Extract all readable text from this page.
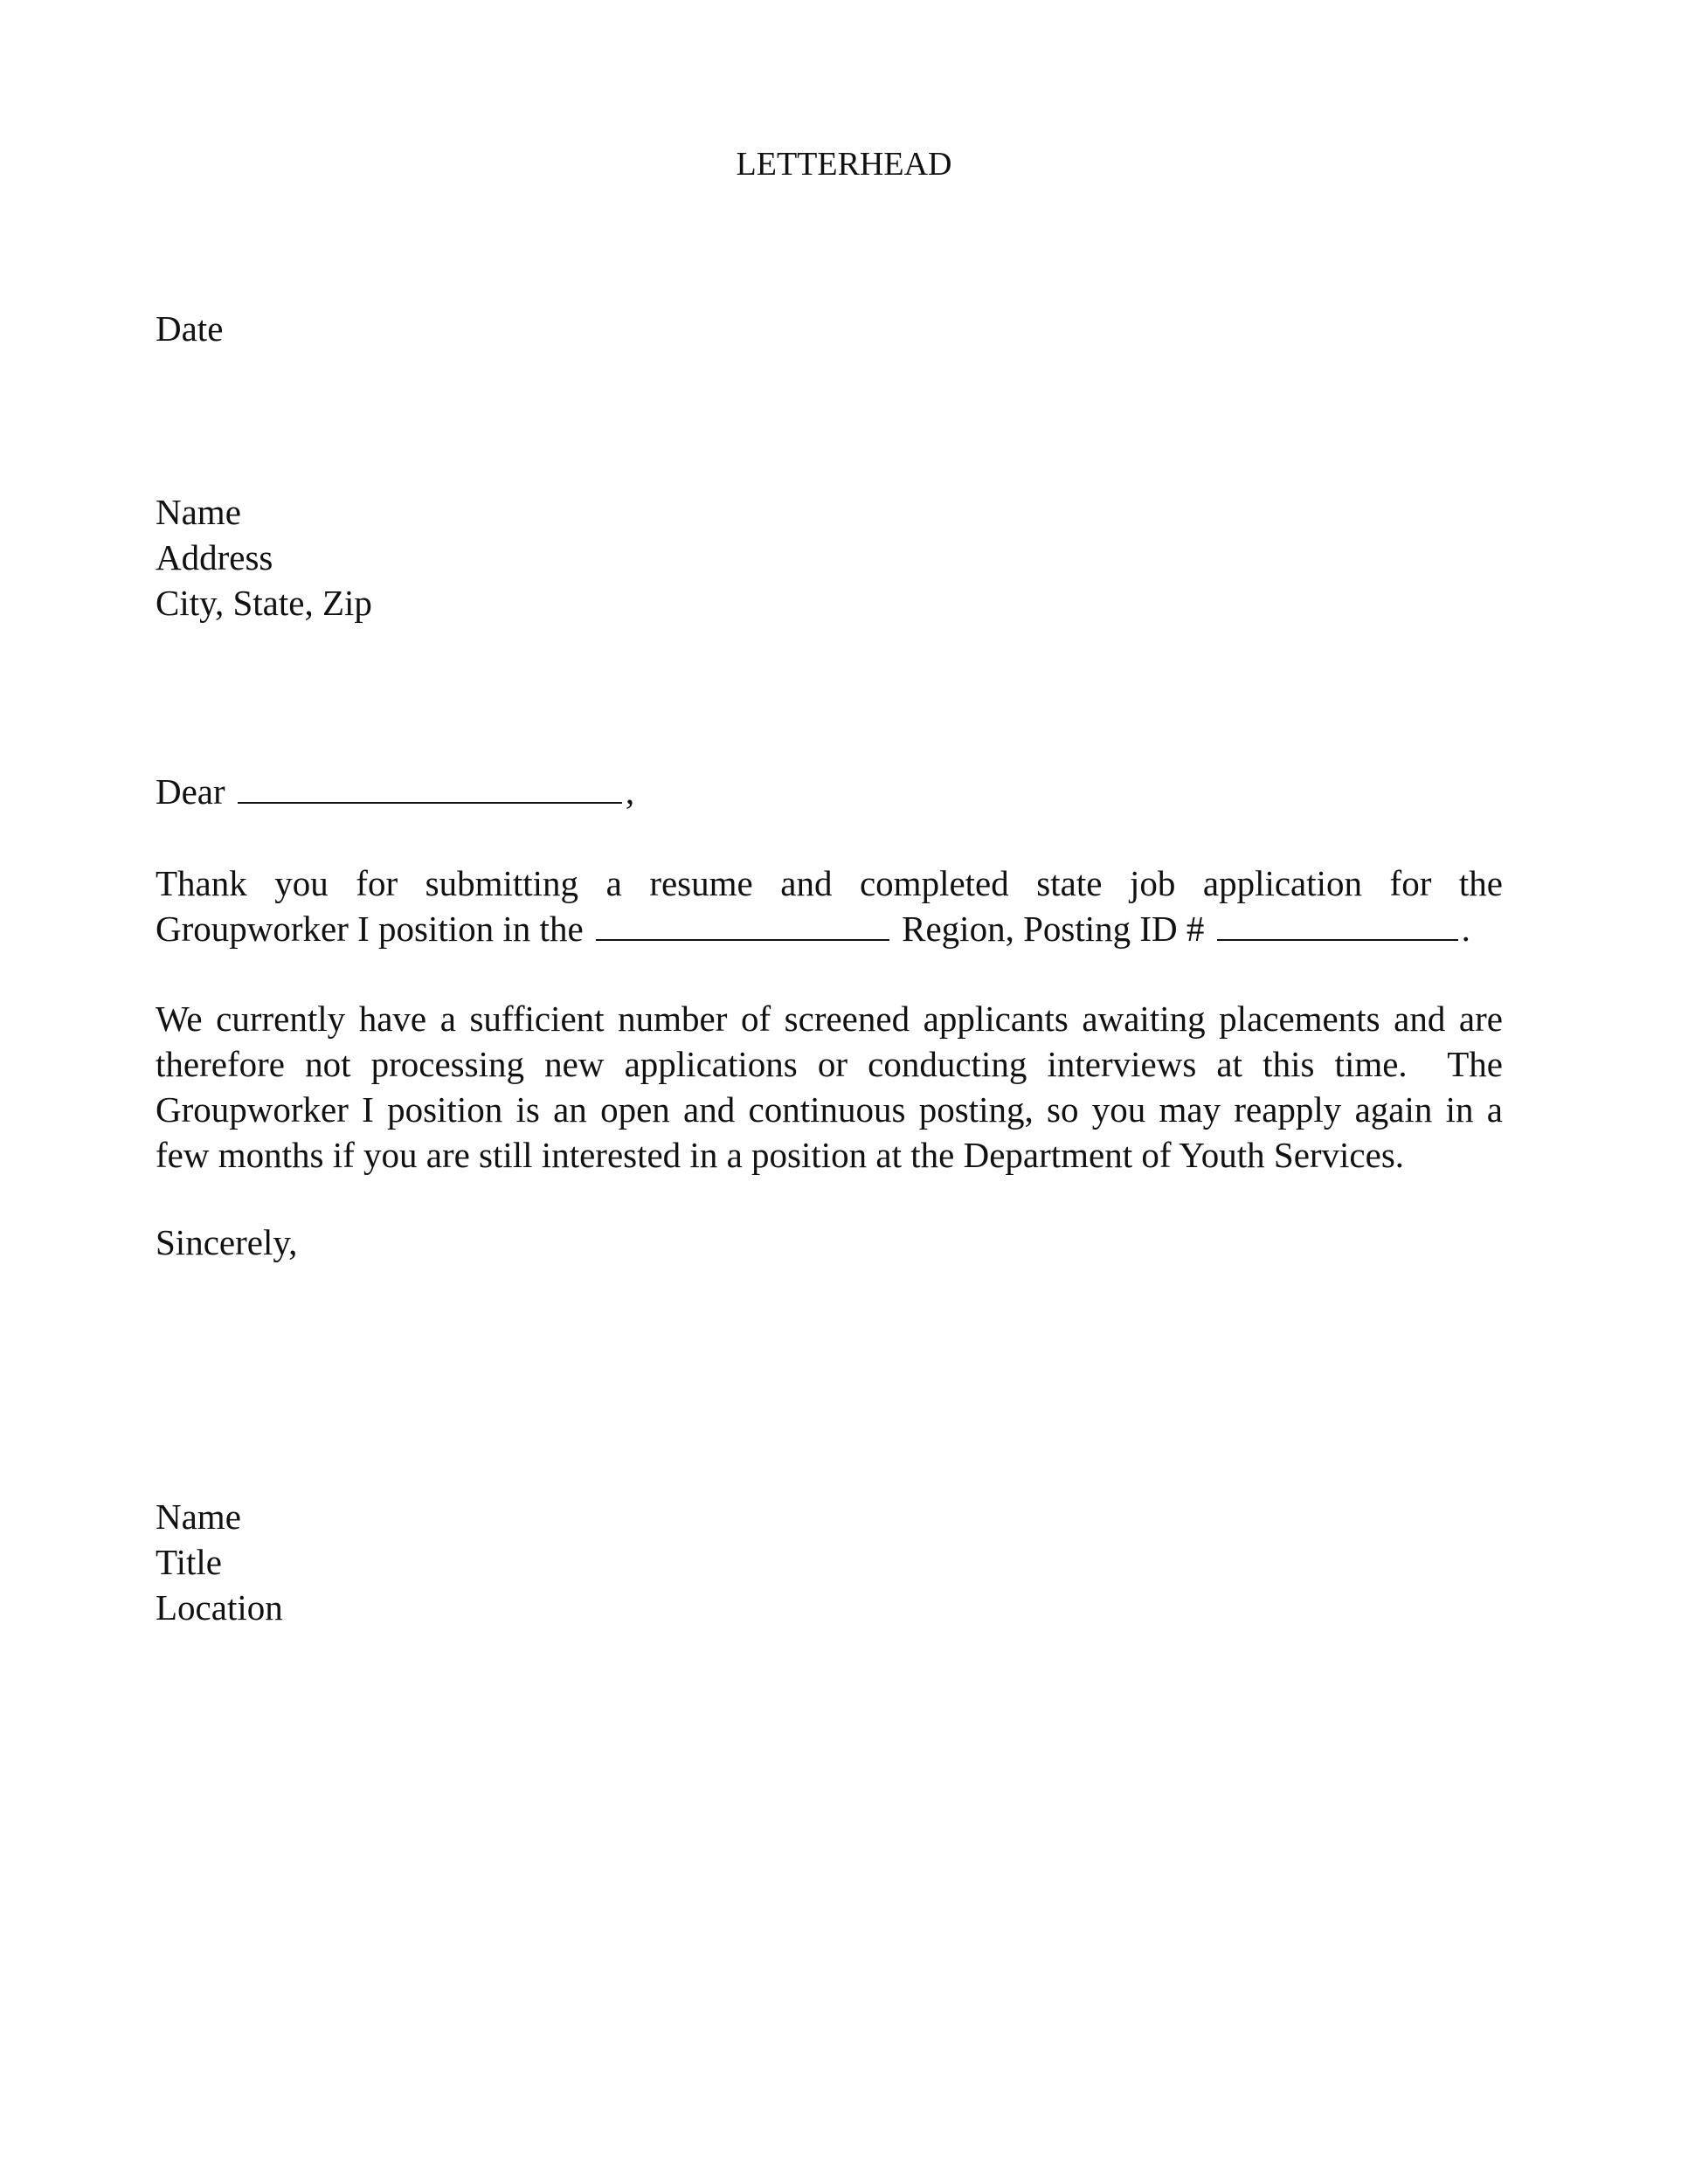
LETTERHEAD
Date
Name
Address
City, State, Zip
Dear	,
Thank you for submitting a resume and completed state job application for the
Groupworker I position in the	Region, Posting ID #	.
We currently have a sufficient number of screened applicants awaiting placements and are
therefore not processing new applications or conducting interviews at this time.  The
Groupworker I position is an open and continuous posting, so you may reapply again in a
few months if you are still interested in a position at the Department of Youth Services.
Sincerely,
Name
Title
Location
